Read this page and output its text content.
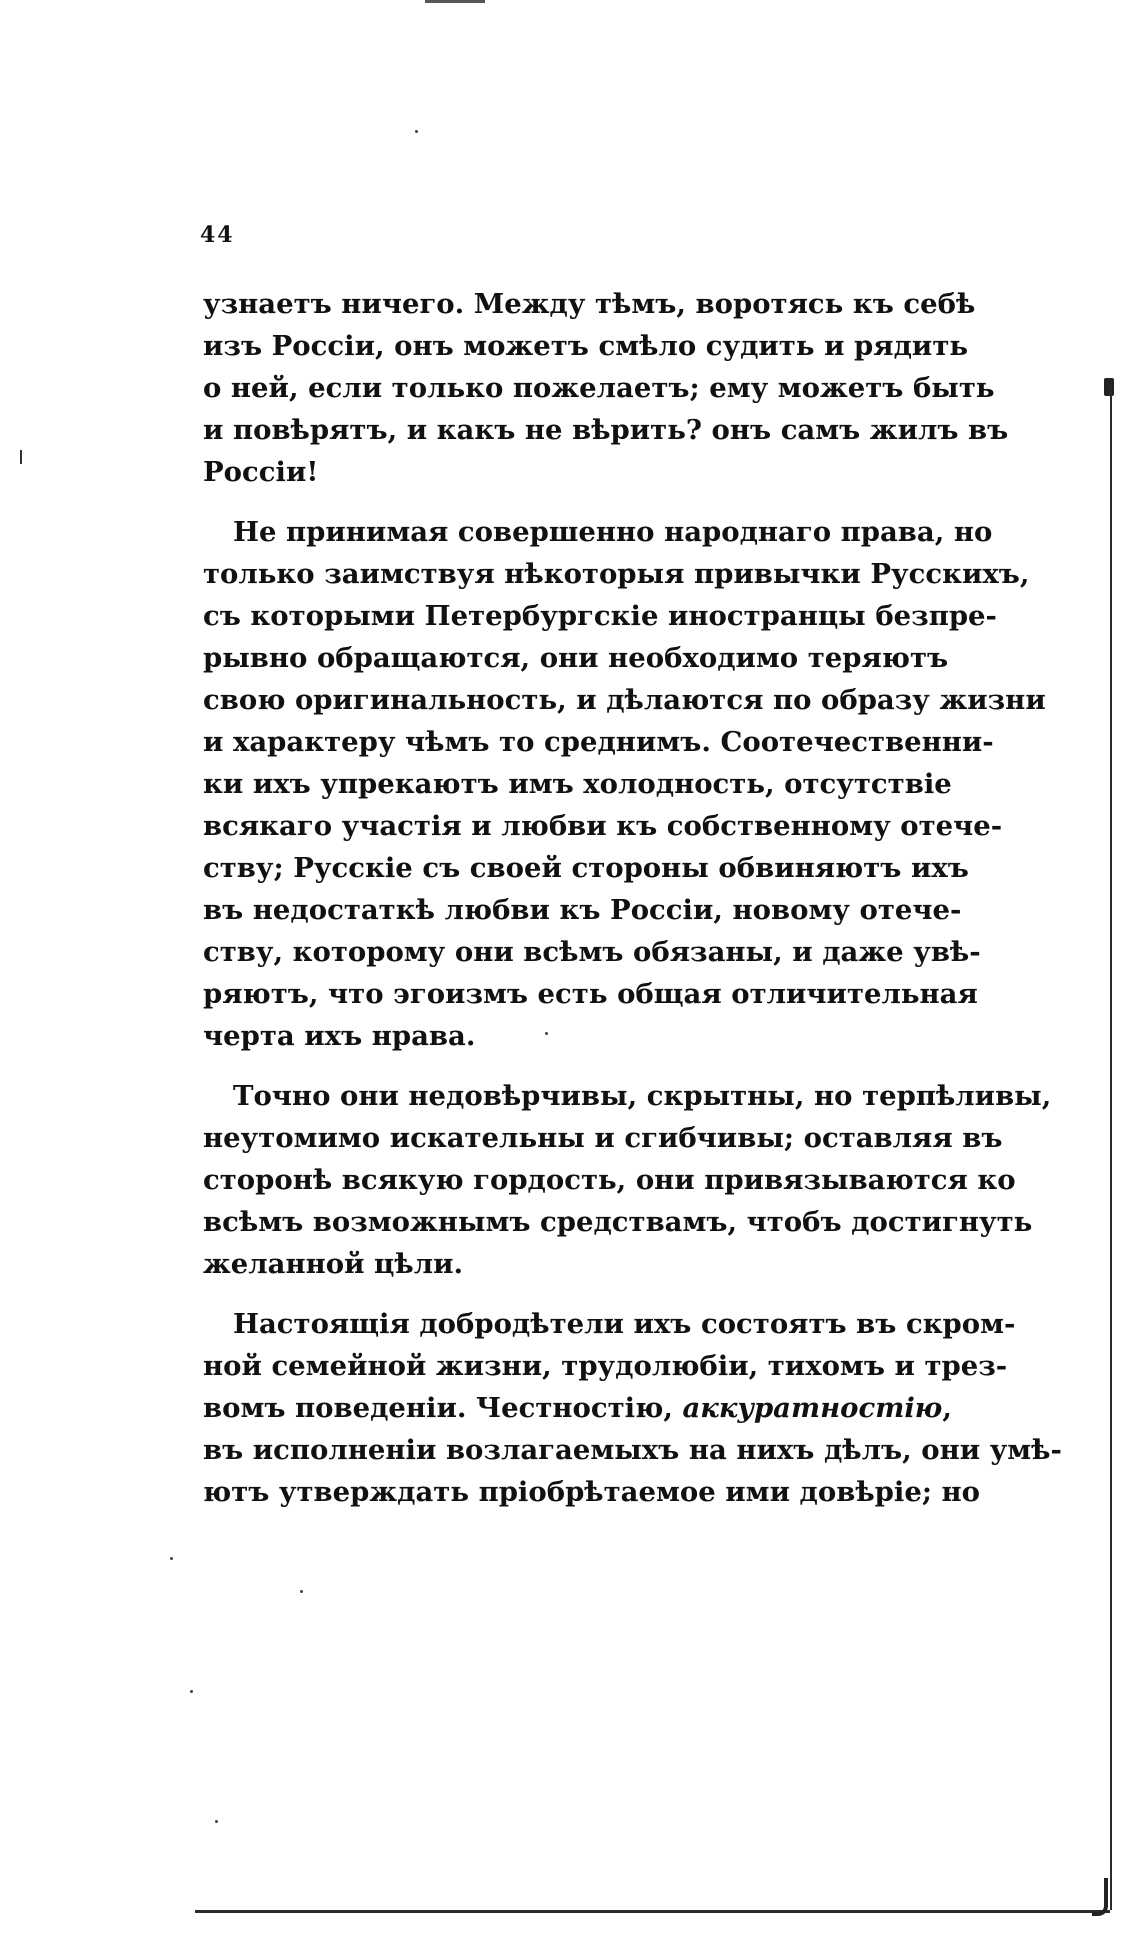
44
узнаетъ ничего. Между тѣмъ, воротясь къ себѣ
изъ Россiи, онъ можетъ смѣло судить и рядить
о ней, если только пожелаетъ; ему можетъ быть
и повѣрятъ, и какъ не вѣрить? онъ самъ жилъ въ
Россiи!
Не принимая совершенно народнаго права, но
только заимствуя нѣкоторыя привычки Русскихъ,
съ которыми Петербургскiе иностранцы безпре-
рывно обращаются, они необходимо теряютъ
свою оригинальность, и дѣлаются по образу жизни
и характеру чѣмъ то среднимъ. Соотечественни-
ки ихъ упрекаютъ имъ холодность, отсутствiе
всякаго участiя и любви къ собственному отече-
ству; Русскiе съ своей стороны обвиняютъ ихъ
въ недостаткѣ любви къ Россiи, новому отече-
ству, которому они всѣмъ обязаны, и даже увѣ-
ряютъ, что эгоизмъ есть общая отличительная
черта ихъ нрава.
Точно они недовѣрчивы, скрытны, но терпѣливы,
неутомимо искательны и сгибчивы; оставляя въ
сторонѣ всякую гордость, они привязываются ко
всѣмъ возможнымъ средствамъ, чтобъ достигнуть
желанной цѣли.
Настоящiя добродѣтели ихъ состоятъ въ скром-
ной семейной жизни, трудолюбiи, тихомъ и трез-
вомъ поведенiи. Честностiю, аккуратностiю,
въ исполненiи возлагаемыхъ на нихъ дѣлъ, они умѣ-
ютъ утверждать прiобрѣтаемое ими довѣрiе; но
